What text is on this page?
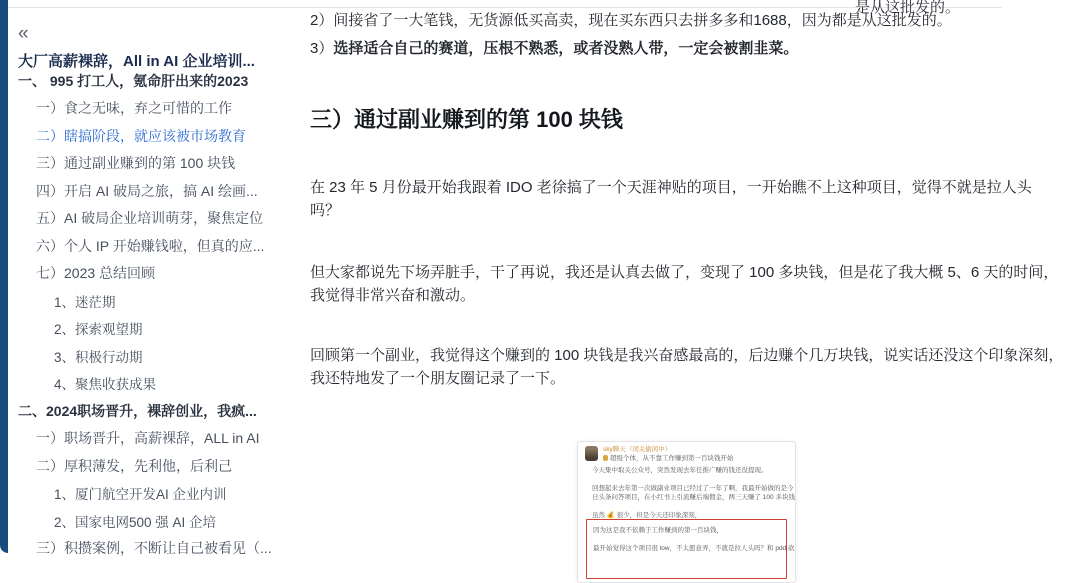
是从这批发的。
«
大厂高薪裸辞，All in AI 企业培训...
一、 995 打工人，氪命肝出来的2023
一）食之无味，弃之可惜的工作
二）瞎搞阶段，就应该被市场教育
三）通过副业赚到的第 100 块钱
四）开启 AI 破局之旅，搞 AI 绘画...
五）AI 破局企业培训萌芽，聚焦定位
六）个人 IP 开始赚钱啦，但真的应...
七）2023 总结回顾
1、迷茫期
2、探索观望期
3、积极行动期
4、聚焦收获成果
二、2024职场晋升，裸辞创业，我疯...
一）职场晋升，高薪裸辞，ALL in AI
二）厚积薄发，先利他，后利己
1、厦门航空开发AI 企业内训
2、国家电网500 强 AI 企培
三）积攒案例，不断让自己被看见（...
2）间接省了一大笔钱，无货源低买高卖，现在买东西只去拼多多和1688，因为都是从这批发的。
3）选择适合自己的赛道，压根不熟悉，或者没熟人带，一定会被割韭菜。
三）通过副业赚到的第 100 块钱
在 23 年 5 月份最开始我跟着 IDO 老徐搞了一个天涯神贴的项目，一开始瞧不上这种项目，觉得不就是拉人头
吗？
但大家都说先下场弄脏手，干了再说，我还是认真去做了，变现了 100 多块钱，但是花了我大概 5、6 天的时间，
我觉得非常兴奋和激动。
回顾第一个副业，我觉得这个赚到的 100 块钱是我兴奋感最高的，后边赚个几万块钱，说实话还没这个印象深刻，
我还特地发了一个朋友圈记录了一下。
sky聊天（闭关偷闲中）
超级个体，从不靠工作赚到第一百块钱开始
今天集中取关公众号，突然发现去年任推广赚的钱还没提现。
回想起来去年第一次做副业项目已经过了一年了啊，我最开始做的是今
日头条问答项目，在小红书上引流赚后端佣金，两三天赚了 100 多块钱
虽然 💰 很少，但是今天还印象深刻，
因为这是我不依赖于工作赚到的第一百块钱，
最开始觉得这个项目很 low，不太愿意弄，不就是拉人头吗？和 pdd 砍
